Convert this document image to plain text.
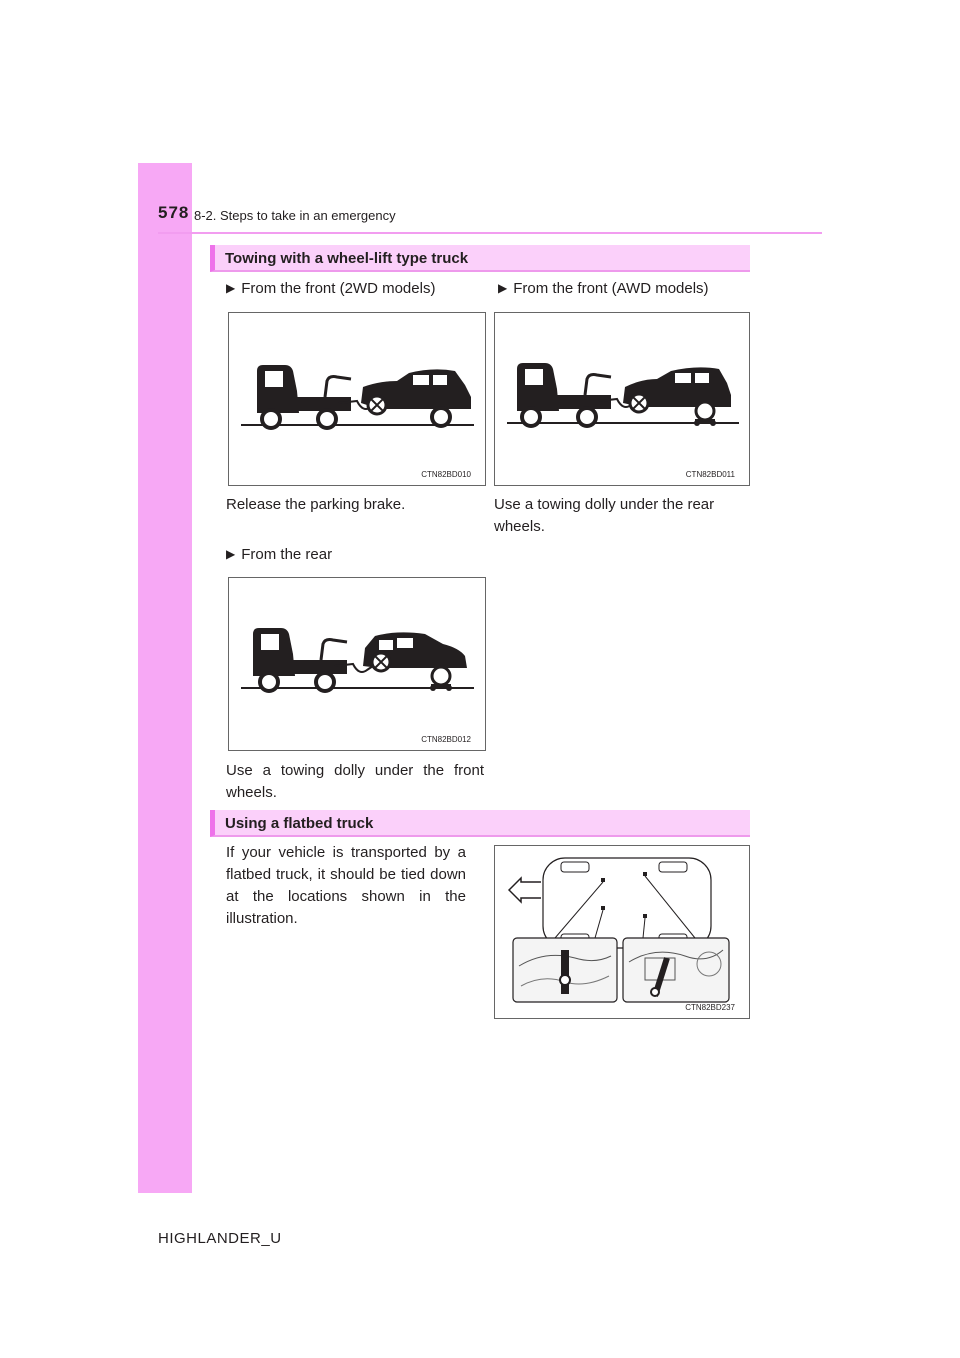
578 8-2. Steps to take in an emergency
Towing with a wheel-lift type truck
▶ From the front (2WD models)	▶ From the front (AWD models)
CTN82BD010	CTN82BD011
Release the parking brake.	Use a towing dolly under the rear wheels.
▶ From the rear
CTN82BD012
Use a towing dolly under the front wheels.
Using a flatbed truck
If your vehicle is transported by a flatbed truck, it should be tied down at the locations shown in the illustration.
CTN82BD237
HIGHLANDER_U
